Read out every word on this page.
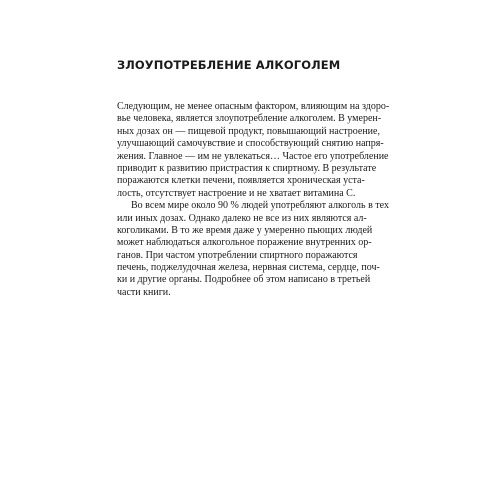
ЗЛОУПОТРЕБЛЕНИЕ АЛКОГОЛЕМ
Следующим, не менее опасным фактором, влияющим на здоро-
вье человека, является злоупотребление алкоголем. В умерен-
ных дозах он — пищевой продукт, повышающий настроение,
улучшающий самочувствие и способствующий снятию напря-
жения. Главное — им не увлекаться… Частое его употребление
приводит к развитию пристрастия к спиртному. В результате
поражаются клетки печени, появляется хроническая уста-
лость, отсутствует настроение и не хватает витамина С.
Во всем мире около 90 % людей употребляют алкоголь в тех
или иных дозах. Однако далеко не все из них являются ал-
коголиками. В то же время даже у умеренно пьющих людей
может наблюдаться алкогольное поражение внутренних ор-
ганов. При частом употреблении спиртного поражаются
печень, поджелудочная железа, нервная система, сердце, поч-
ки и другие органы. Подробнее об этом написано в третьей
части книги.
